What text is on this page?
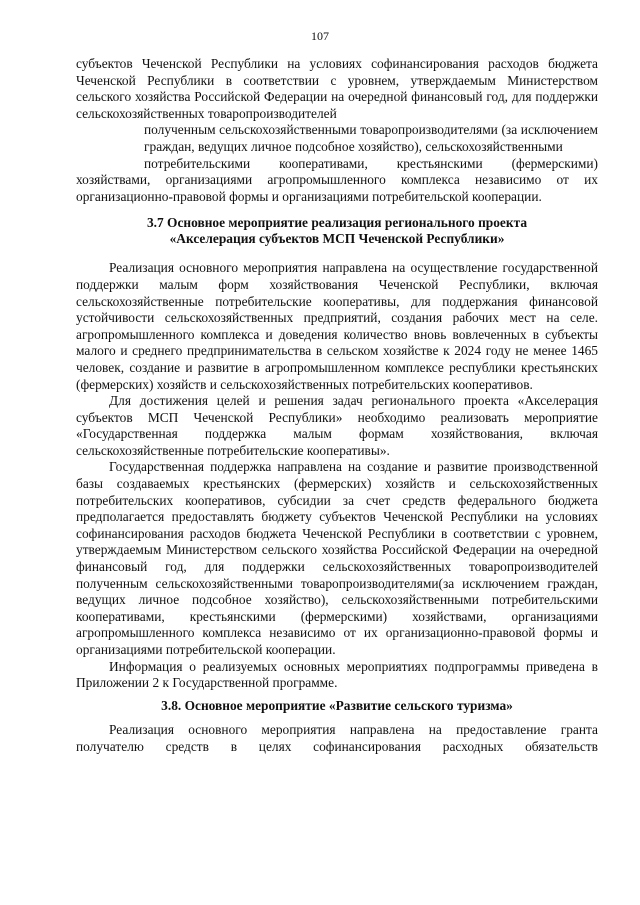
107

субъектов Чеченской Республики на условиях софинансирования расходов бюджета Чеченской Республики в соответствии с уровнем, утверждаемым Министерством сельского хозяйства Российской Федерации на очередной финансовый год, для поддержки сельскохозяйственных товаропроизводителей

полученным сельскохозяйственными товаропроизводителями (за исключением

граждан, ведущих личное подсобное хозяйство), сельскохозяйственными

потребительскими кооперативами, крестьянскими (фермерскими) хозяйствами, организациями агропромышленного комплекса независимо от их организационно-правовой формы и организациями потребительской кооперации.

3.7 Основное мероприятие реализация регионального проекта
«Акселерация субъектов МСП Чеченской Республики»

Реализация основного мероприятия направлена на осуществление государственной поддержки малым форм хозяйствования Чеченской Республики, включая сельскохозяйственные потребительские кооперативы, для поддержания финансовой устойчивости сельскохозяйственных предприятий, создания рабочих мест на селе. агропромышленного комплекса и доведения количество вновь вовлеченных в субъекты малого и среднего предпринимательства в сельском хозяйстве к 2024 году не менее 1465 человек, создание и развитие в агропромышленном комплексе республики крестьянских (фермерских) хозяйств и сельскохозяйственных потребительских кооперативов.

Для достижения целей и решения задач регионального проекта «Акселерация субъектов МСП Чеченской Республики» необходимо реализовать мероприятие «Государственная поддержка малым формам хозяйствования, включая сельскохозяйственные потребительские кооперативы».

Государственная поддержка направлена на создание и развитие производственной базы создаваемых крестьянских (фермерских) хозяйств и сельскохозяйственных потребительских кооперативов, субсидии за счет средств федерального бюджета предполагается предоставлять бюджету субъектов Чеченской Республики на условиях софинансирования расходов бюджета Чеченской Республики в соответствии с уровнем, утверждаемым Министерством сельского хозяйства Российской Федерации на очередной финансовый год, для поддержки сельскохозяйственных товаропроизводителей полученным сельскохозяйственными товаропроизводителями(за исключением граждан, ведущих личное подсобное хозяйство), сельскохозяйственными потребительскими кооперативами, крестьянскими (фермерскими) хозяйствами, организациями агропромышленного комплекса независимо от их организационно-правовой формы и организациями потребительской кооперации.

Информация о реализуемых основных мероприятиях подпрограммы приведена в Приложении 2 к Государственной программе.

3.8. Основное мероприятие «Развитие сельского туризма»

Реализация основного мероприятия направлена на предоставление гранта получателю средств в целях софинансирования расходных обязательств
